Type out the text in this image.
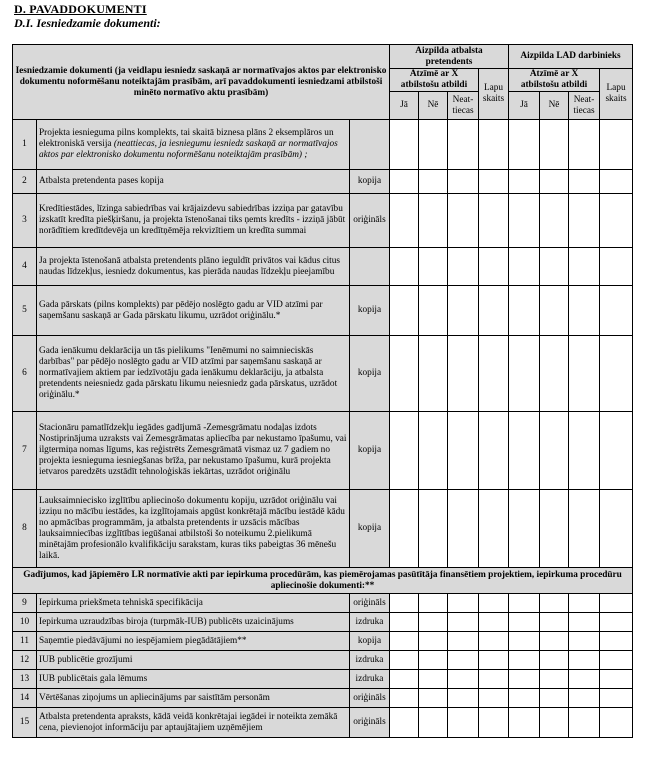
D. PAVADDOKUMENTI
D.I. Iesniedzamie dokumenti:
Iesniedzamie dokumenti (ja veidlapu iesniedz saskaņā ar normatīvajos aktos par elektronisko dokumentu noformēšanu noteiktajām prasībām, arī pavaddokumenti iesniedzami atbilstoši minēto normatīvo aktu prasībām)			Aizpilda atbalsta pretendents				Aizpilda LAD darbinieks			
			Atzīmē ar X atbilstošu atbildi			Lapu skaits	Atzīmē ar X atbilstošu atbildi			Lapu skaits
			Jā	Nē	Neat-tiecas		Jā	Nē	Neat-tiecas	
1	Projekta iesnieguma pilns komplekts, tai skaitā biznesa plāns 2 eksemplāros un elektroniskā versija (neattiecas, ja iesniegumu iesniedz saskaņā ar normatīvajos aktos par elektronisko dokumentu noformēšanu noteiktajām prasībām) ;									
2	Atbalsta pretendenta pases kopija	kopija								
3	Kredītiestādes, līzinga sabiedrības vai krājaizdevu sabiedrības izziņa par gatavību izskatīt kredīta piešķiršanu, ja projekta īstenošanai tiks ņemts kredīts - izziņā jābūt norādītiem kredītdevēja un kredītņēmēja rekvizītiem un kredīta summai	oriģināls								
4	Ja projekta īstenošanā atbalsta pretendents plāno ieguldīt privātos vai kādus citus naudas līdzekļus, iesniedz dokumentus, kas pierāda naudas līdzekļu pieejamību									
5	Gada pārskats (pilns komplekts) par pēdējo noslēgto gadu ar VID atzīmi par saņemšanu saskaņā ar Gada pārskatu likumu, uzrādot oriģinālu.*	kopija								
6	Gada ienākumu deklarācija un tās pielikums "Ienēmumi no saimnieciskās darbības" par pēdējo noslēgto gadu ar VID atzīmi par saņemšanu saskaņā ar normatīvajiem aktiem par iedzīvotāju gada ienākumu deklarāciju, ja atbalsta pretendents neiesniedz gada pārskatu likumu neiesniedz gada pārskatus, uzrādot oriģinālu.*	kopija								
7	Stacionāru pamatlīdzekļu iegādes gadījumā -Zemesgrāmatu nodaļas izdots Nostiprinājuma uzraksts vai Zemesgrāmatas apliecība par nekustamo īpašumu, vai ilgtermiņa nomas līgums, kas reģistrēts Zemesgrāmatā vismaz uz 7 gadiem no projekta iesnieguma iesniegšanas brīža, par nekustamo īpašumu, kurā projekta ietvaros paredzēts uzstādīt tehnoloģiskās iekārtas, uzrādot oriģinālu	kopija								
8	Lauksaimniecisko izglītību apliecinošo dokumentu kopiju, uzrādot oriģinālu vai izziņu no mācību iestādes, ka izglītojamais apgūst konkrētajā mācību iestādē kādu no apmācības programmām, ja atbalsta pretendents ir uzsācis mācības lauksaimniecības izglītības iegūšanai atbilstoši šo noteikumu 2.pielikumā minētajām profesionālo kvalifikāciju sarakstam, kuras tiks pabeigtas 36 mēnešu laikā.	kopija								
Gadījumos, kad jāpiemēro LR normatīvie akti par iepirkuma procedūrām, kas piemērojamas pasūtītāja finansētiem projektiem, iepirkuma procedūru apliecinošie dokumenti:**										
9	Iepirkuma priekšmeta tehniskā specifikācija	oriģināls								
10	Iepirkuma uzraudzības biroja (turpmāk-IUB) publicēts uzaicinājums	izdruka								
11	Saņemtie piedāvājumi no iespējamiem piegādātājiem**	kopija								
12	IUB publicētie grozījumi	izdruka								
13	IUB publicētais gala lēmums	izdruka								
14	Vērtēšanas ziņojums un apliecinājums par saistītām personām	oriģināls								
15	Atbalsta pretendenta apraksts, kādā veidā konkrētajai iegādei ir noteikta zemākā cena, pievienojot informāciju par aptaujātajiem uzņēmējiem	oriģināls								
